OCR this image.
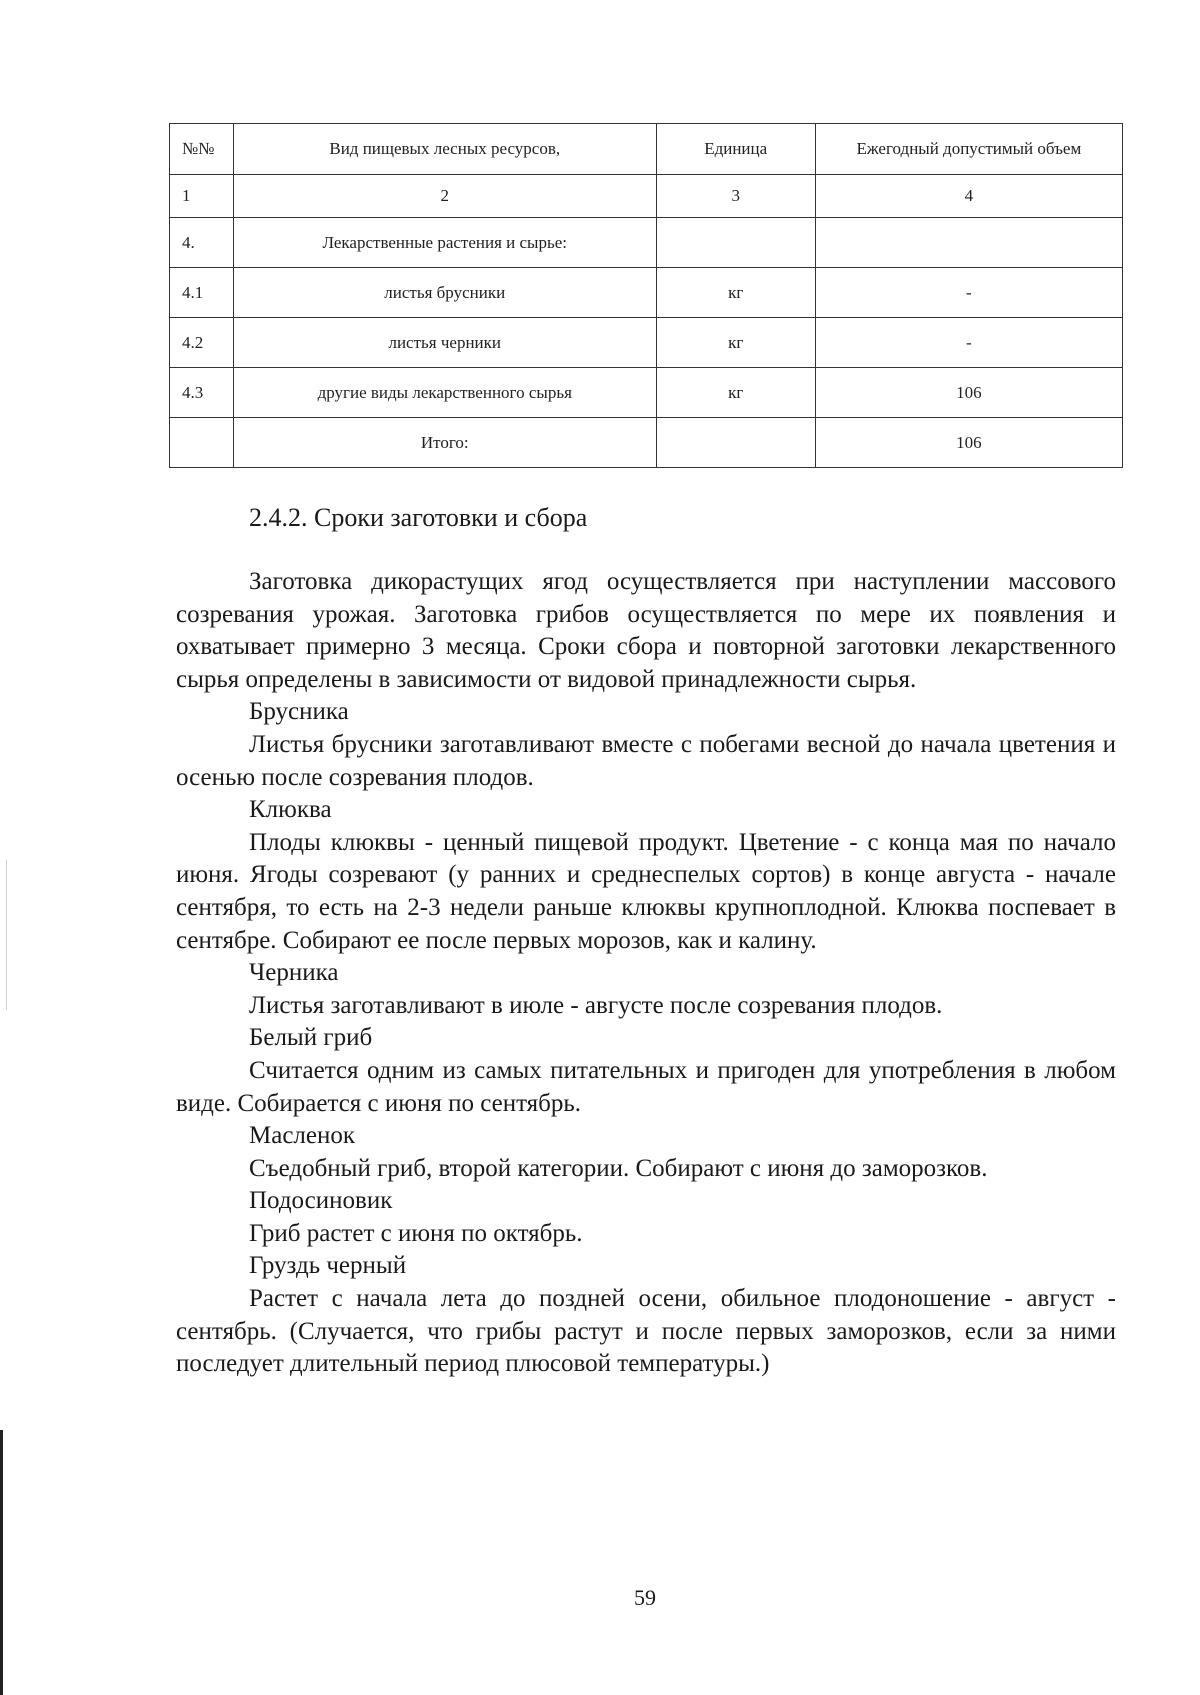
№№	Вид пищевых лесных ресурсов,	Единица	Ежегодный допустимый объем
1	2	3	4
4.	Лекарственные растения и сырье:		
4.1	листья брусники	кг	-
4.2	листья черники	кг	-
4.3	другие виды лекарственного сырья	кг	106
	Итого:		106
2.4.2. Сроки заготовки и сбора

Заготовка дикорастущих ягод осуществляется при наступлении массового созревания урожая. Заготовка грибов осуществляется по мере их появления и охватывает примерно 3 месяца. Сроки сбора и повторной заготовки лекарственного сырья определены в зависимости от видовой принадлежности сырья.

Брусника

Листья брусники заготавливают вместе с побегами весной до начала цветения и осенью после созревания плодов.

Клюква

Плоды клюквы - ценный пищевой продукт. Цветение - с конца мая по начало июня. Ягоды созревают (у ранних и среднеспелых сортов) в конце августа - начале сентября, то есть на 2-3 недели раньше клюквы крупноплодной. Клюква поспевает в сентябре. Собирают ее после первых морозов, как и калину.

Черника

Листья заготавливают в июле - августе после созревания плодов.

Белый гриб

Считается одним из самых питательных и пригоден для употребления в любом виде. Собирается с июня по сентябрь.

Масленок

Съедобный гриб, второй категории. Собирают с июня до заморозков.

Подосиновик

Гриб растет с июня по октябрь.

Груздь черный

Растет с начала лета до поздней осени, обильное плодоношение - август - сентябрь. (Случается, что грибы растут и после первых заморозков, если за ними последует длительный период плюсовой температуры.)

59
